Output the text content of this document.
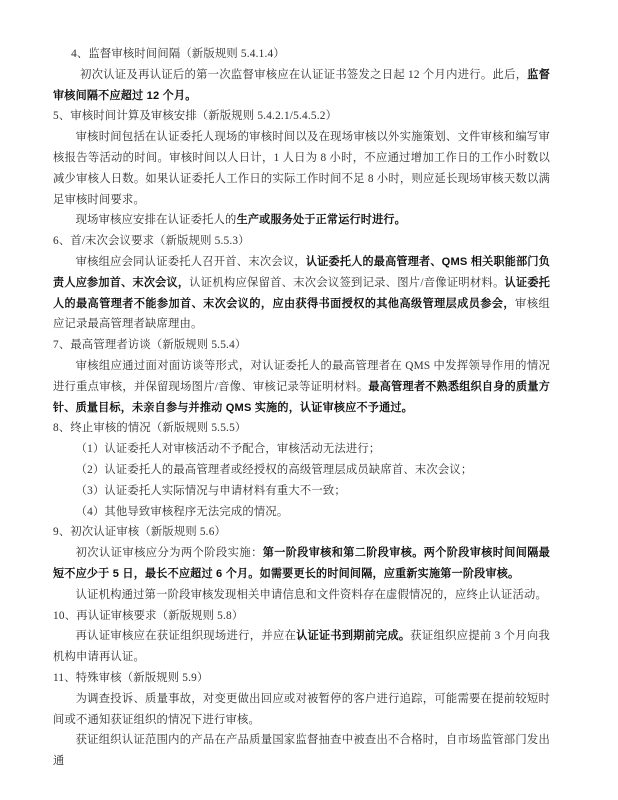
4、监督审核时间间隔（新版规则 5.4.1.4）

初次认证及再认证后的第一次监督审核应在认证证书签发之日起 12 个月内进行。此后，监督审核间隔不应超过 12 个月。

5、审核时间计算及审核安排（新版规则 5.4.2.1/5.4.5.2）

审核时间包括在认证委托人现场的审核时间以及在现场审核以外实施策划、文件审核和编写审核报告等活动的时间。审核时间以人日计，1 人日为 8 小时，不应通过增加工作日的工作小时数以减少审核人日数。如果认证委托人工作日的实际工作时间不足 8 小时，则应延长现场审核天数以满足审核时间要求。

现场审核应安排在认证委托人的生产或服务处于正常运行时进行。

6、首/末次会议要求（新版规则 5.5.3）

审核组应会同认证委托人召开首、末次会议，认证委托人的最高管理者、QMS 相关职能部门负责人应参加首、末次会议，认证机构应保留首、末次会议签到记录、图片/音像证明材料。认证委托人的最高管理者不能参加首、末次会议的，应由获得书面授权的其他高级管理层成员参会，审核组应记录最高管理者缺席理由。

7、最高管理者访谈（新版规则 5.5.4）

审核组应通过面对面访谈等形式，对认证委托人的最高管理者在 QMS 中发挥领导作用的情况进行重点审核，并保留现场图片/音像、审核记录等证明材料。最高管理者不熟悉组织自身的质量方针、质量目标，未亲自参与并推动 QMS 实施的，认证审核应不予通过。

8、终止审核的情况（新版规则 5.5.5）

（1）认证委托人对审核活动不予配合，审核活动无法进行；

（2）认证委托人的最高管理者或经授权的高级管理层成员缺席首、末次会议；

（3）认证委托人实际情况与申请材料有重大不一致；

（4）其他导致审核程序无法完成的情况。

9、初次认证审核（新版规则 5.6）

初次认证审核应分为两个阶段实施：第一阶段审核和第二阶段审核。两个阶段审核时间间隔最短不应少于 5 日，最长不应超过 6 个月。如需要更长的时间间隔，应重新实施第一阶段审核。

认证机构通过第一阶段审核发现相关申请信息和文件资料存在虚假情况的，应终止认证活动。

10、再认证审核要求（新版规则 5.8）

再认证审核应在获证组织现场进行，并应在认证证书到期前完成。获证组织应提前 3 个月向我机构申请再认证。

11、特殊审核（新版规则 5.9）

为调查投诉、质量事故，对变更做出回应或对被暂停的客户进行追踪，可能需要在提前较短时间或不通知获证组织的情况下进行审核。

获证组织认证范围内的产品在产品质量国家监督抽查中被查出不合格时，自市场监管部门发出通
